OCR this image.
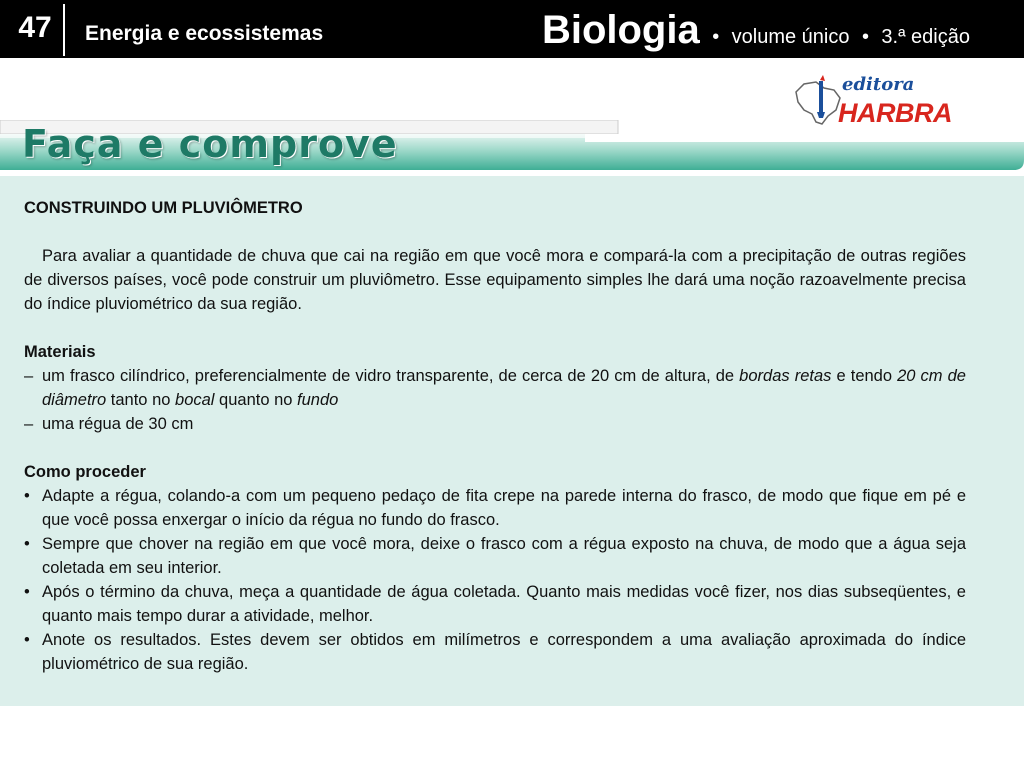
47	Energia e ecossistemas	Biologia • volume único • 3.ª edição
editora
HARBRA
Faça e comprove
CONSTRUINDO UM PLUVIÔMETRO

Para avaliar a quantidade de chuva que cai na região em que você mora e compará-la com a precipitação de outras regiões de diversos países, você pode construir um pluviômetro. Esse equipamento simples lhe dará uma noção razoavelmente precisa do índice pluviométrico da sua região.

Materiais
– um frasco cilíndrico, preferencialmente de vidro transparente, de cerca de 20 cm de altura, de bordas retas e tendo 20 cm de diâmetro tanto no bocal quanto no fundo
– uma régua de 30 cm
Como proceder
• Adapte a régua, colando-a com um pequeno pedaço de fita crepe na parede interna do frasco, de modo que fique em pé e que você possa enxergar o início da régua no fundo do frasco.
• Sempre que chover na região em que você mora, deixe o frasco com a régua exposto na chuva, de modo que a água seja coletada em seu interior.
• Após o término da chuva, meça a quantidade de água coletada. Quanto mais medidas você fizer, nos dias subseqüentes, e quanto mais tempo durar a atividade, melhor.
• Anote os resultados. Estes devem ser obtidos em milímetros e correspondem a uma avaliação aproximada do índice pluviométrico de sua região.
